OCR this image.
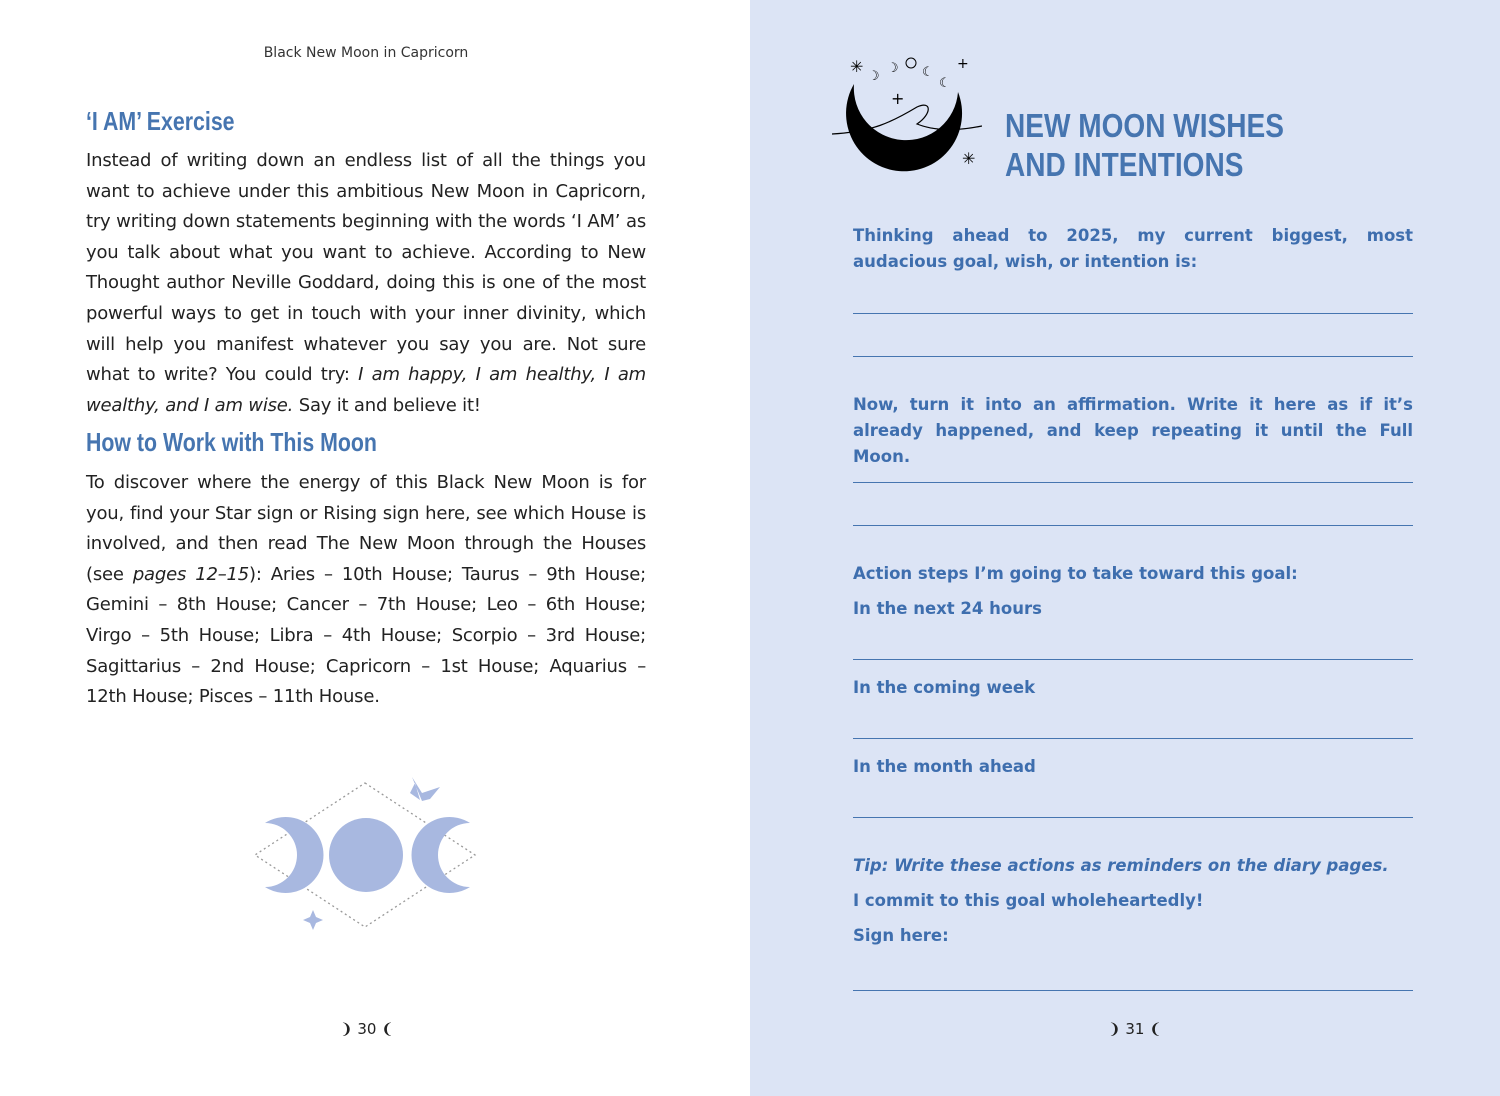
Black New Moon in Capricorn
‘I AM’ Exercise
Instead of writing down an endless list of all the things you want to achieve under this ambitious New Moon in Capricorn, try writing down statements beginning with the words ‘I AM’ as you talk about what you want to achieve. According to New Thought author Neville Goddard, doing this is one of the most powerful ways to get in touch with your inner divinity, which will help you manifest whatever you say you are. Not sure what to write? You could try: I am happy, I am healthy, I am wealthy, and I am wise. Say it and believe it!
How to Work with This Moon
To discover where the energy of this Black New Moon is for you, find your Star sign or Rising sign here, see which House is involved, and then read The New Moon through the Houses (see pages 12–15): Aries – 10th House; Taurus – 9th House; Gemini – 8th House; Cancer – 7th House; Leo – 6th House; Virgo – 5th House; Libra – 4th House; Scorpio – 3rd House; Sagittarius – 2nd House; Capricorn – 1st House; Aquarius – 12th House; Pisces – 11th House.
❩ 30 ❨
✳
☽
☽ ☾
☾
+
+
✳
NEW MOON WISHES
AND INTENTIONS
Thinking ahead to 2025, my current biggest, most audacious goal, wish, or intention is:
Now, turn it into an affirmation. Write it here as if it’s already happened, and keep repeating it until the Full Moon.
Action steps I’m going to take toward this goal:
In the next 24 hours
In the coming week
In the month ahead
Tip: Write these actions as reminders on the diary pages.
I commit to this goal wholeheartedly!
Sign here:
❩ 31 ❨
